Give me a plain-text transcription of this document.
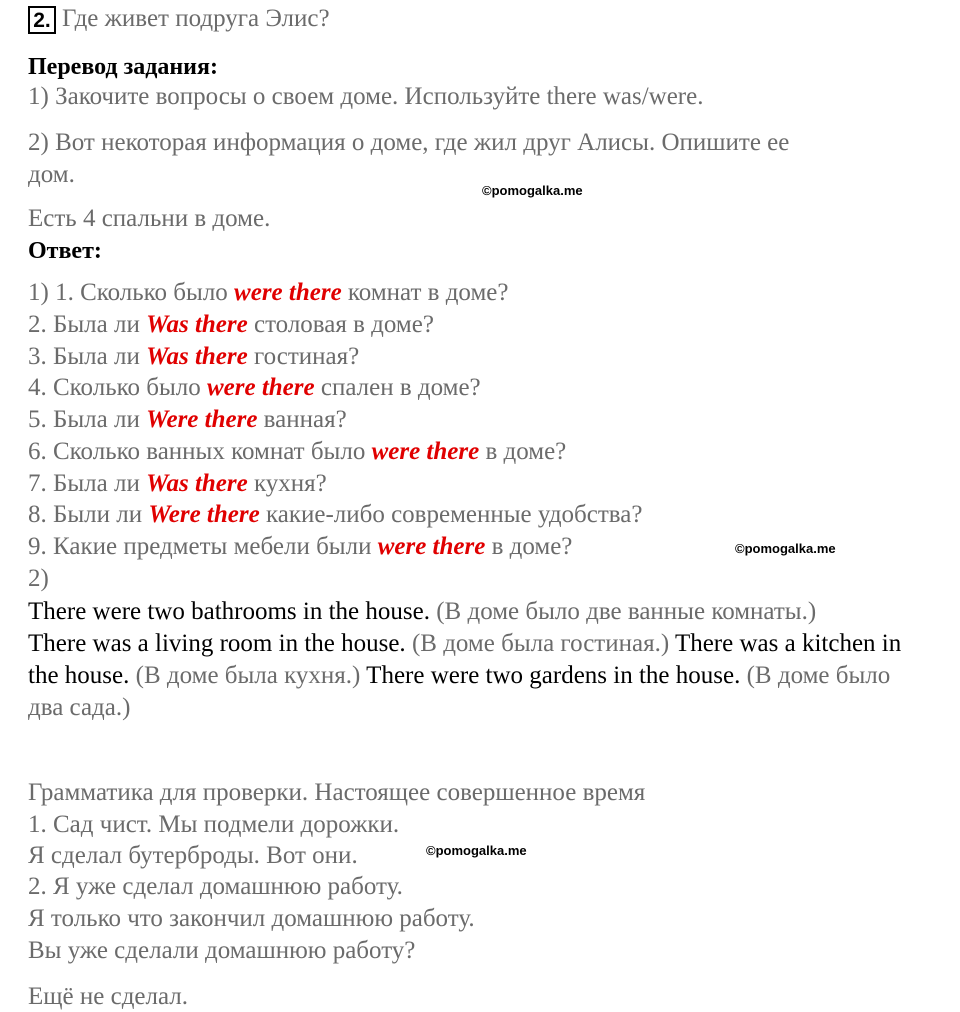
2. Где живет подруга Элис?
Перевод задания:
1) Закочите вопросы о своем доме. Используйте there was/were.
2) Вот некоторая информация о доме, где жил друг Алисы. Опишите ее
дом.
©pomogalka.me
Есть 4 спальни в доме.
Ответ:
1) 1. Сколько было were there комнат в доме?
2. Была ли Was there столовая в доме?
3. Была ли Was there гостиная?
4. Сколько было were there спален в доме?
5. Была ли Were there ванная?
6. Сколько ванных комнат было were there в доме?
7. Была ли Was there кухня?
8. Были ли Were there какие-либо современные удобства?
9. Какие предметы мебели были were there в доме?	©pomogalka.me
2)
There were two bathrooms in the house. (В доме было две ванные комнаты.)
There was a living room in the house. (В доме была гостиная.) There was a kitchen in the house. (В доме была кухня.) There were two gardens in the house. (В доме было два сада.)
Грамматика для проверки. Настоящее совершенное время
1. Сад чист. Мы подмели дорожки.
Я сделал бутерброды. Вот они.	©pomogalka.me
2. Я уже сделал домашнюю работу.
Я только что закончил домашнюю работу.
Вы уже сделали домашнюю работу?
Ещё не сделал.
